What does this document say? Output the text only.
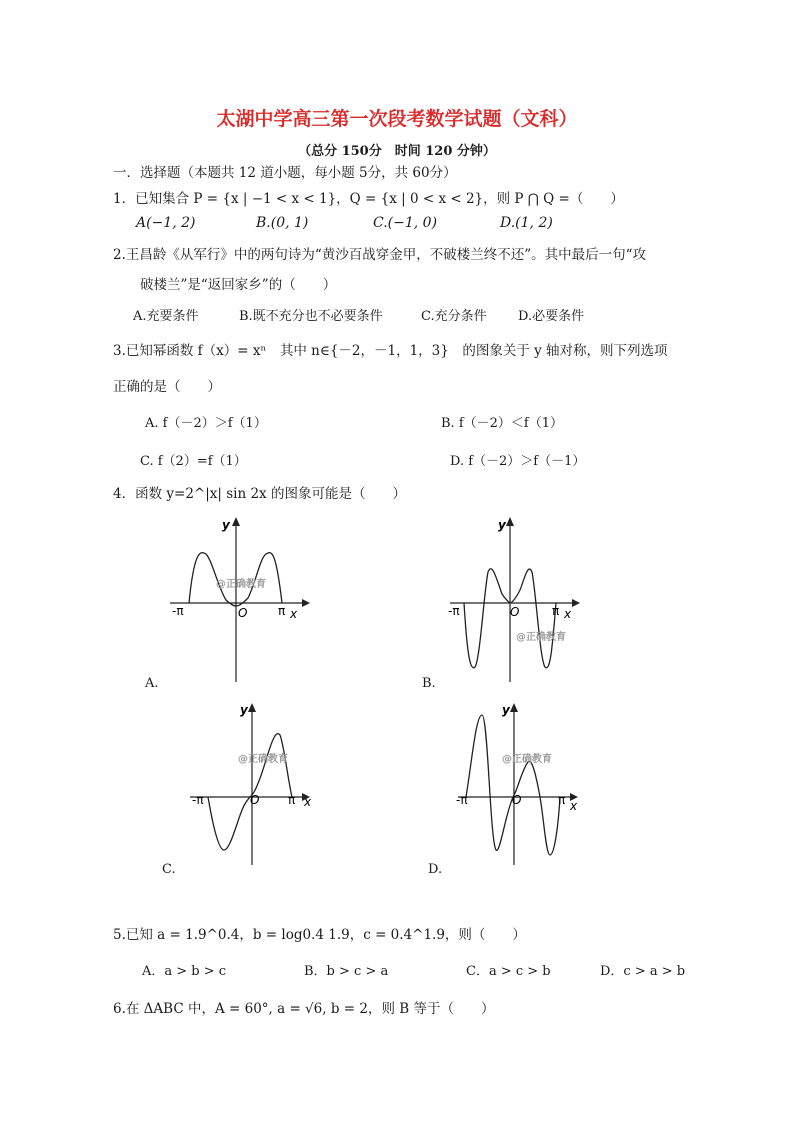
太湖中学高三第一次段考数学试题（文科）
（总分 150分　时间 120 分钟）
一．选择题（本题共 12 道小题，每小题 5分，共 60分）
1．已知集合 P = {x | −1 < x < 1}，Q = {x | 0 < x < 2}，则 P ⋂ Q =（　　）
A(−1, 2)	B.(0, 1)	C.(−1, 0)	D.(1, 2)
2.王昌龄《从军行》中的两句诗为“黄沙百战穿金甲，不破楼兰终不还”。其中最后一句“攻
破楼兰”是“返回家乡”的（　　）
A.充要条件	B.既不充分也不必要条件	C.充分条件 D.必要条件
3.已知幂函数 f（x）= xⁿ　其中 n∈{－2，－1，1，3}　的图象关于 y 轴对称，则下列选项
正确的是（　　）
A. f（－2）＞f（1）	B. f（－2）＜f（1）
C. f（2）=f（1）	D. f（－2）＞f（－1）
4．函数 y=2^|x| sin 2x 的图象可能是（　　）
@正确教育
-π	π x
y
O
A.
@正确教育
-π	π x
y
O
B.
@正确教育
-π	π x
y
O
C.
@正确教育
-π	π x
y
O
D.
5.已知 a = 1.9^0.4，b = log0.4 1.9，c = 0.4^1.9，则（　　）
A．a > b > c	B．b > c > a	C．a > c > b	D．c > a > b
6.在 ΔABC 中，A = 60°, a = √6, b = 2，则 B 等于（　　）
